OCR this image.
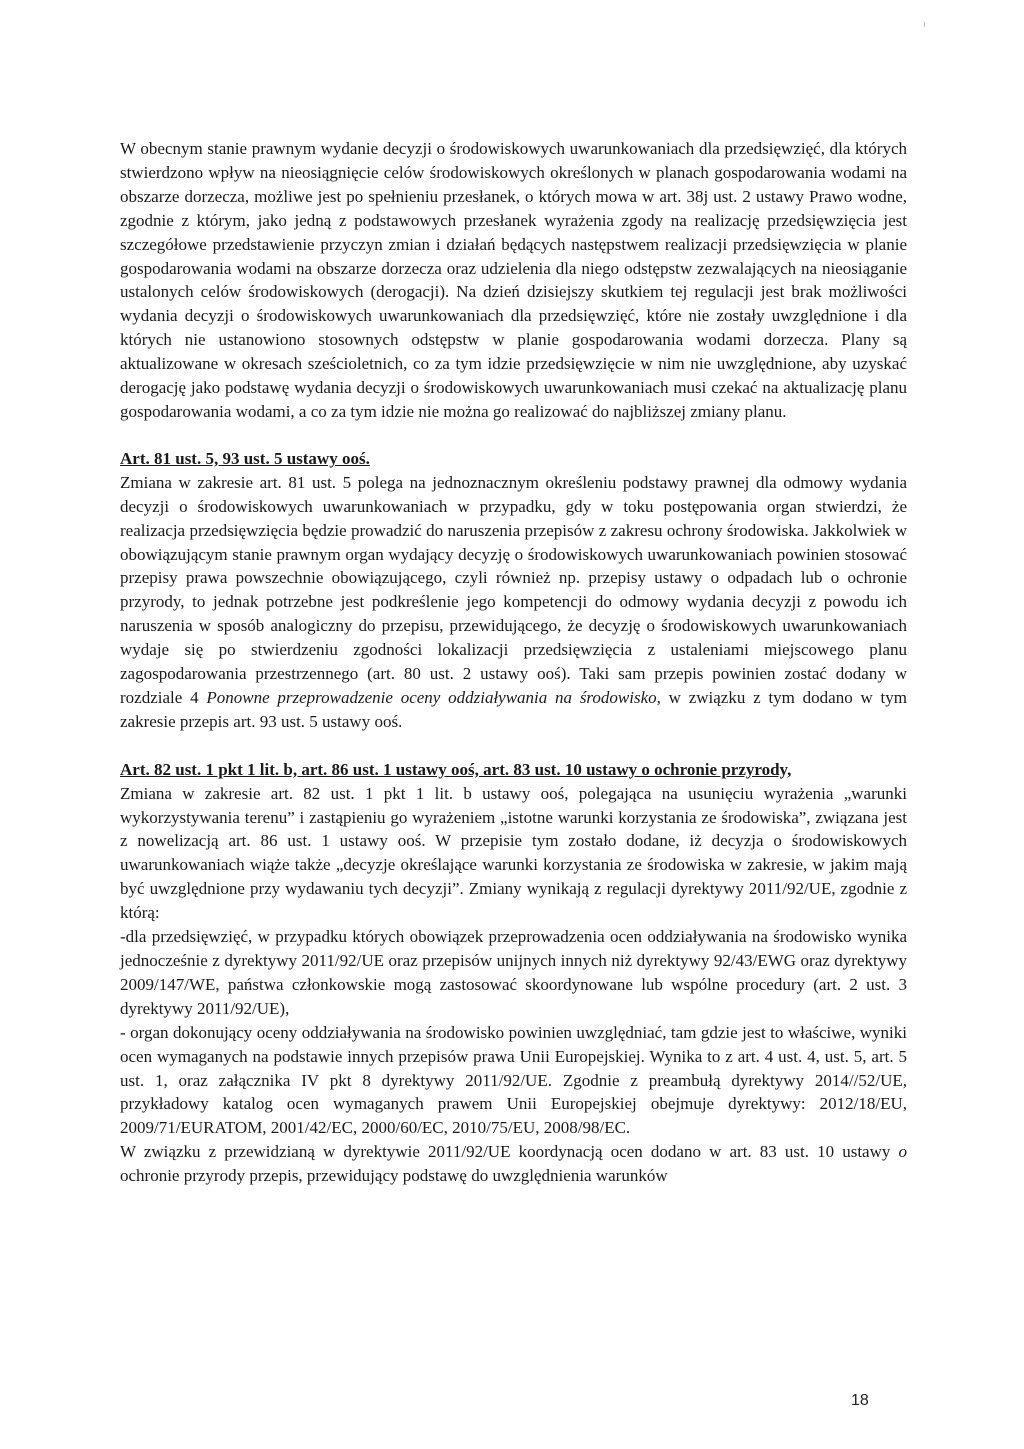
W obecnym stanie prawnym wydanie decyzji o środowiskowych uwarunkowaniach dla przedsięwzięć, dla których stwierdzono wpływ na nieosiągnięcie celów środowiskowych określonych w planach gospodarowania wodami na obszarze dorzecza, możliwe jest po spełnieniu przesłanek, o których mowa w art. 38j ust. 2 ustawy Prawo wodne, zgodnie z którym, jako jedną z podstawowych przesłanek wyrażenia zgody na realizację przedsięwzięcia jest szczegółowe przedstawienie przyczyn zmian i działań będących następstwem realizacji przedsięwzięcia w planie gospodarowania wodami na obszarze dorzecza oraz udzielenia dla niego odstępstw zezwalających na nieosiąganie ustalonych celów środowiskowych (derogacji). Na dzień dzisiejszy skutkiem tej regulacji jest brak możliwości wydania decyzji o środowiskowych uwarunkowaniach dla przedsięwzięć, które nie zostały uwzględnione i dla których nie ustanowiono stosownych odstępstw w planie gospodarowania wodami dorzecza. Plany są aktualizowane w okresach sześcioletnich, co za tym idzie przedsięwzięcie w nim nie uwzględnione, aby uzyskać derogację jako podstawę wydania decyzji o środowiskowych uwarunkowaniach musi czekać na aktualizację planu gospodarowania wodami, a co za tym idzie nie można go realizować do najbliższej zmiany planu.

Art. 81 ust. 5, 93 ust. 5 ustawy ooś.

Zmiana w zakresie art. 81 ust. 5 polega na jednoznacznym określeniu podstawy prawnej dla odmowy wydania decyzji o środowiskowych uwarunkowaniach w przypadku, gdy w toku postępowania organ stwierdzi, że realizacja przedsięwzięcia będzie prowadzić do naruszenia przepisów z zakresu ochrony środowiska. Jakkolwiek w obowiązującym stanie prawnym organ wydający decyzję o środowiskowych uwarunkowaniach powinien stosować przepisy prawa powszechnie obowiązującego, czyli również np. przepisy ustawy o odpadach lub o ochronie przyrody, to jednak potrzebne jest podkreślenie jego kompetencji do odmowy wydania decyzji z powodu ich naruszenia w sposób analogiczny do przepisu, przewidującego, że decyzję o środowiskowych uwarunkowaniach wydaje się po stwierdzeniu zgodności lokalizacji przedsięwzięcia z ustaleniami miejscowego planu zagospodarowania przestrzennego (art. 80 ust. 2 ustawy ooś). Taki sam przepis powinien zostać dodany w rozdziale 4 Ponowne przeprowadzenie oceny oddziaływania na środowisko, w związku z tym dodano w tym zakresie przepis art. 93 ust. 5 ustawy ooś.

Art. 82 ust. 1 pkt 1 lit. b, art. 86 ust. 1 ustawy ooś, art. 83 ust. 10 ustawy o ochronie przyrody,

Zmiana w zakresie art. 82 ust. 1 pkt 1 lit. b ustawy ooś, polegająca na usunięciu wyrażenia „warunki wykorzystywania terenu” i zastąpieniu go wyrażeniem „istotne warunki korzystania ze środowiska”, związana jest z nowelizacją art. 86 ust. 1 ustawy ooś. W przepisie tym zostało dodane, iż decyzja o środowiskowych uwarunkowaniach wiąże także „decyzje określające warunki korzystania ze środowiska w zakresie, w jakim mają być uwzględnione przy wydawaniu tych decyzji”. Zmiany wynikają z regulacji dyrektywy 2011/92/UE, zgodnie z którą:

-dla przedsięwzięć, w przypadku których obowiązek przeprowadzenia ocen oddziaływania na środowisko wynika jednocześnie z dyrektywy 2011/92/UE oraz przepisów unijnych innych niż dyrektywy 92/43/EWG oraz dyrektywy 2009/147/WE, państwa członkowskie mogą zastosować skoordynowane lub wspólne procedury (art. 2 ust. 3 dyrektywy 2011/92/UE),

- organ dokonujący oceny oddziaływania na środowisko powinien uwzględniać, tam gdzie jest to właściwe, wyniki ocen wymaganych na podstawie innych przepisów prawa Unii Europejskiej. Wynika to z art. 4 ust. 4, ust. 5, art. 5 ust. 1, oraz załącznika IV pkt 8 dyrektywy 2011/92/UE. Zgodnie z preambułą dyrektywy 2014//52/UE, przykładowy katalog ocen wymaganych prawem Unii Europejskiej obejmuje dyrektywy: 2012/18/EU, 2009/71/EURATOM, 2001/42/EC, 2000/60/EC, 2010/75/EU, 2008/98/EC.

W związku z przewidzianą w dyrektywie 2011/92/UE koordynacją ocen dodano w art. 83 ust. 10 ustawy o ochronie przyrody przepis, przewidujący podstawę do uwzględnienia warunków

18
